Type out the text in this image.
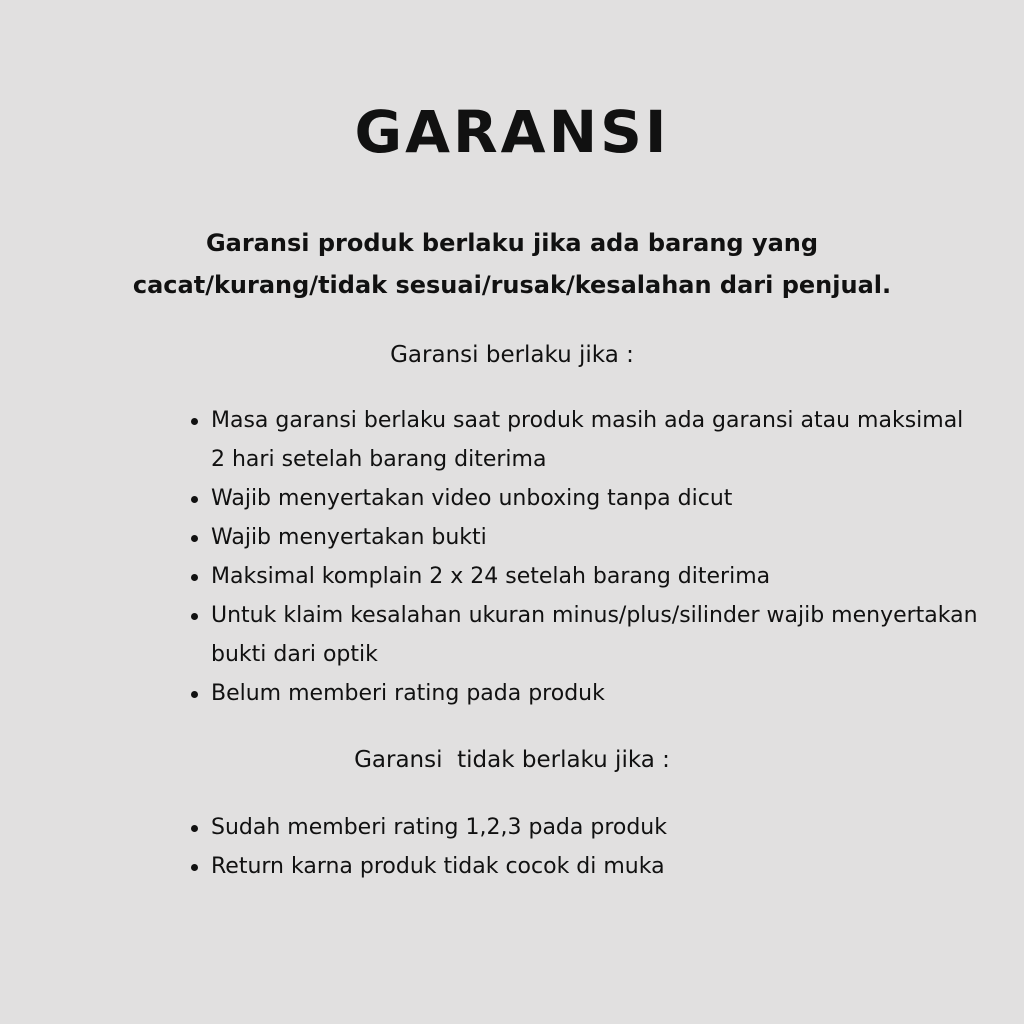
GARANSI

Garansi produk berlaku jika ada barang yang
cacat/kurang/tidak sesuai/rusak/kesalahan dari penjual.

Garansi berlaku jika :
Masa garansi berlaku saat produk masih ada garansi atau maksimal 2 hari setelah barang diterima
Wajib menyertakan video unboxing tanpa dicut
Wajib menyertakan bukti
Maksimal komplain 2 x 24 setelah barang diterima
Untuk klaim kesalahan ukuran minus/plus/silinder wajib menyertakan bukti dari optik
Belum memberi rating pada produk
Garansi  tidak berlaku jika :
Sudah memberi rating 1,2,3 pada produk
Return karna produk tidak cocok di muka
